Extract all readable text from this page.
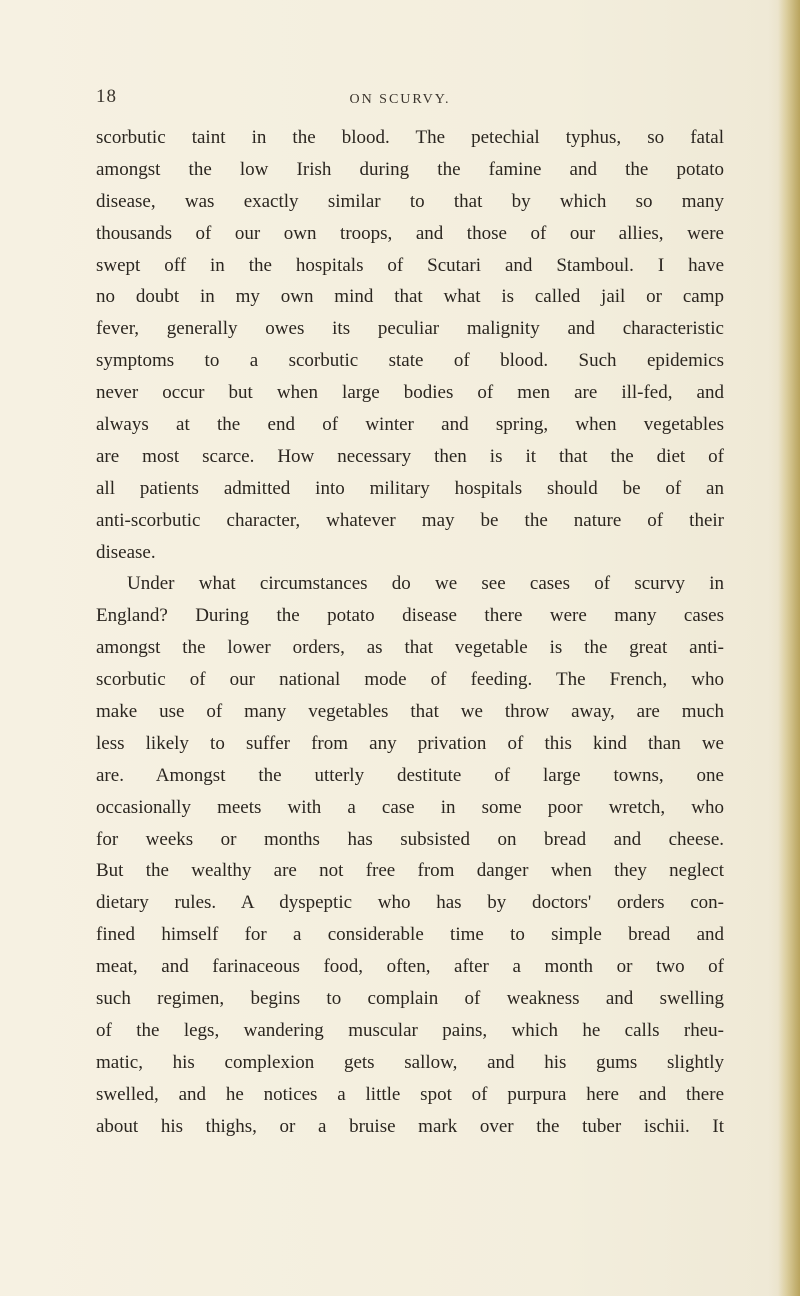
18	ON SCURVY.
scorbutic taint in the blood. The petechial typhus, so fatal
amongst the low Irish during the famine and the potato
disease, was exactly similar to that by which so many
thousands of our own troops, and those of our allies, were
swept off in the hospitals of Scutari and Stamboul. I have
no doubt in my own mind that what is called jail or camp
fever, generally owes its peculiar malignity and characteristic
symptoms to a scorbutic state of blood. Such epidemics
never occur but when large bodies of men are ill-fed, and
always at the end of winter and spring, when vegetables
are most scarce. How necessary then is it that the diet of
all patients admitted into military hospitals should be of an
anti-scorbutic character, whatever may be the nature of their
disease.
Under what circumstances do we see cases of scurvy in
England? During the potato disease there were many cases
amongst the lower orders, as that vegetable is the great anti-
scorbutic of our national mode of feeding. The French, who
make use of many vegetables that we throw away, are much
less likely to suffer from any privation of this kind than we
are. Amongst the utterly destitute of large towns, one
occasionally meets with a case in some poor wretch, who
for weeks or months has subsisted on bread and cheese.
But the wealthy are not free from danger when they neglect
dietary rules. A dyspeptic who has by doctors' orders con-
fined himself for a considerable time to simple bread and
meat, and farinaceous food, often, after a month or two of
such regimen, begins to complain of weakness and swelling
of the legs, wandering muscular pains, which he calls rheu-
matic, his complexion gets sallow, and his gums slightly
swelled, and he notices a little spot of purpura here and there
about his thighs, or a bruise mark over the tuber ischii. It
